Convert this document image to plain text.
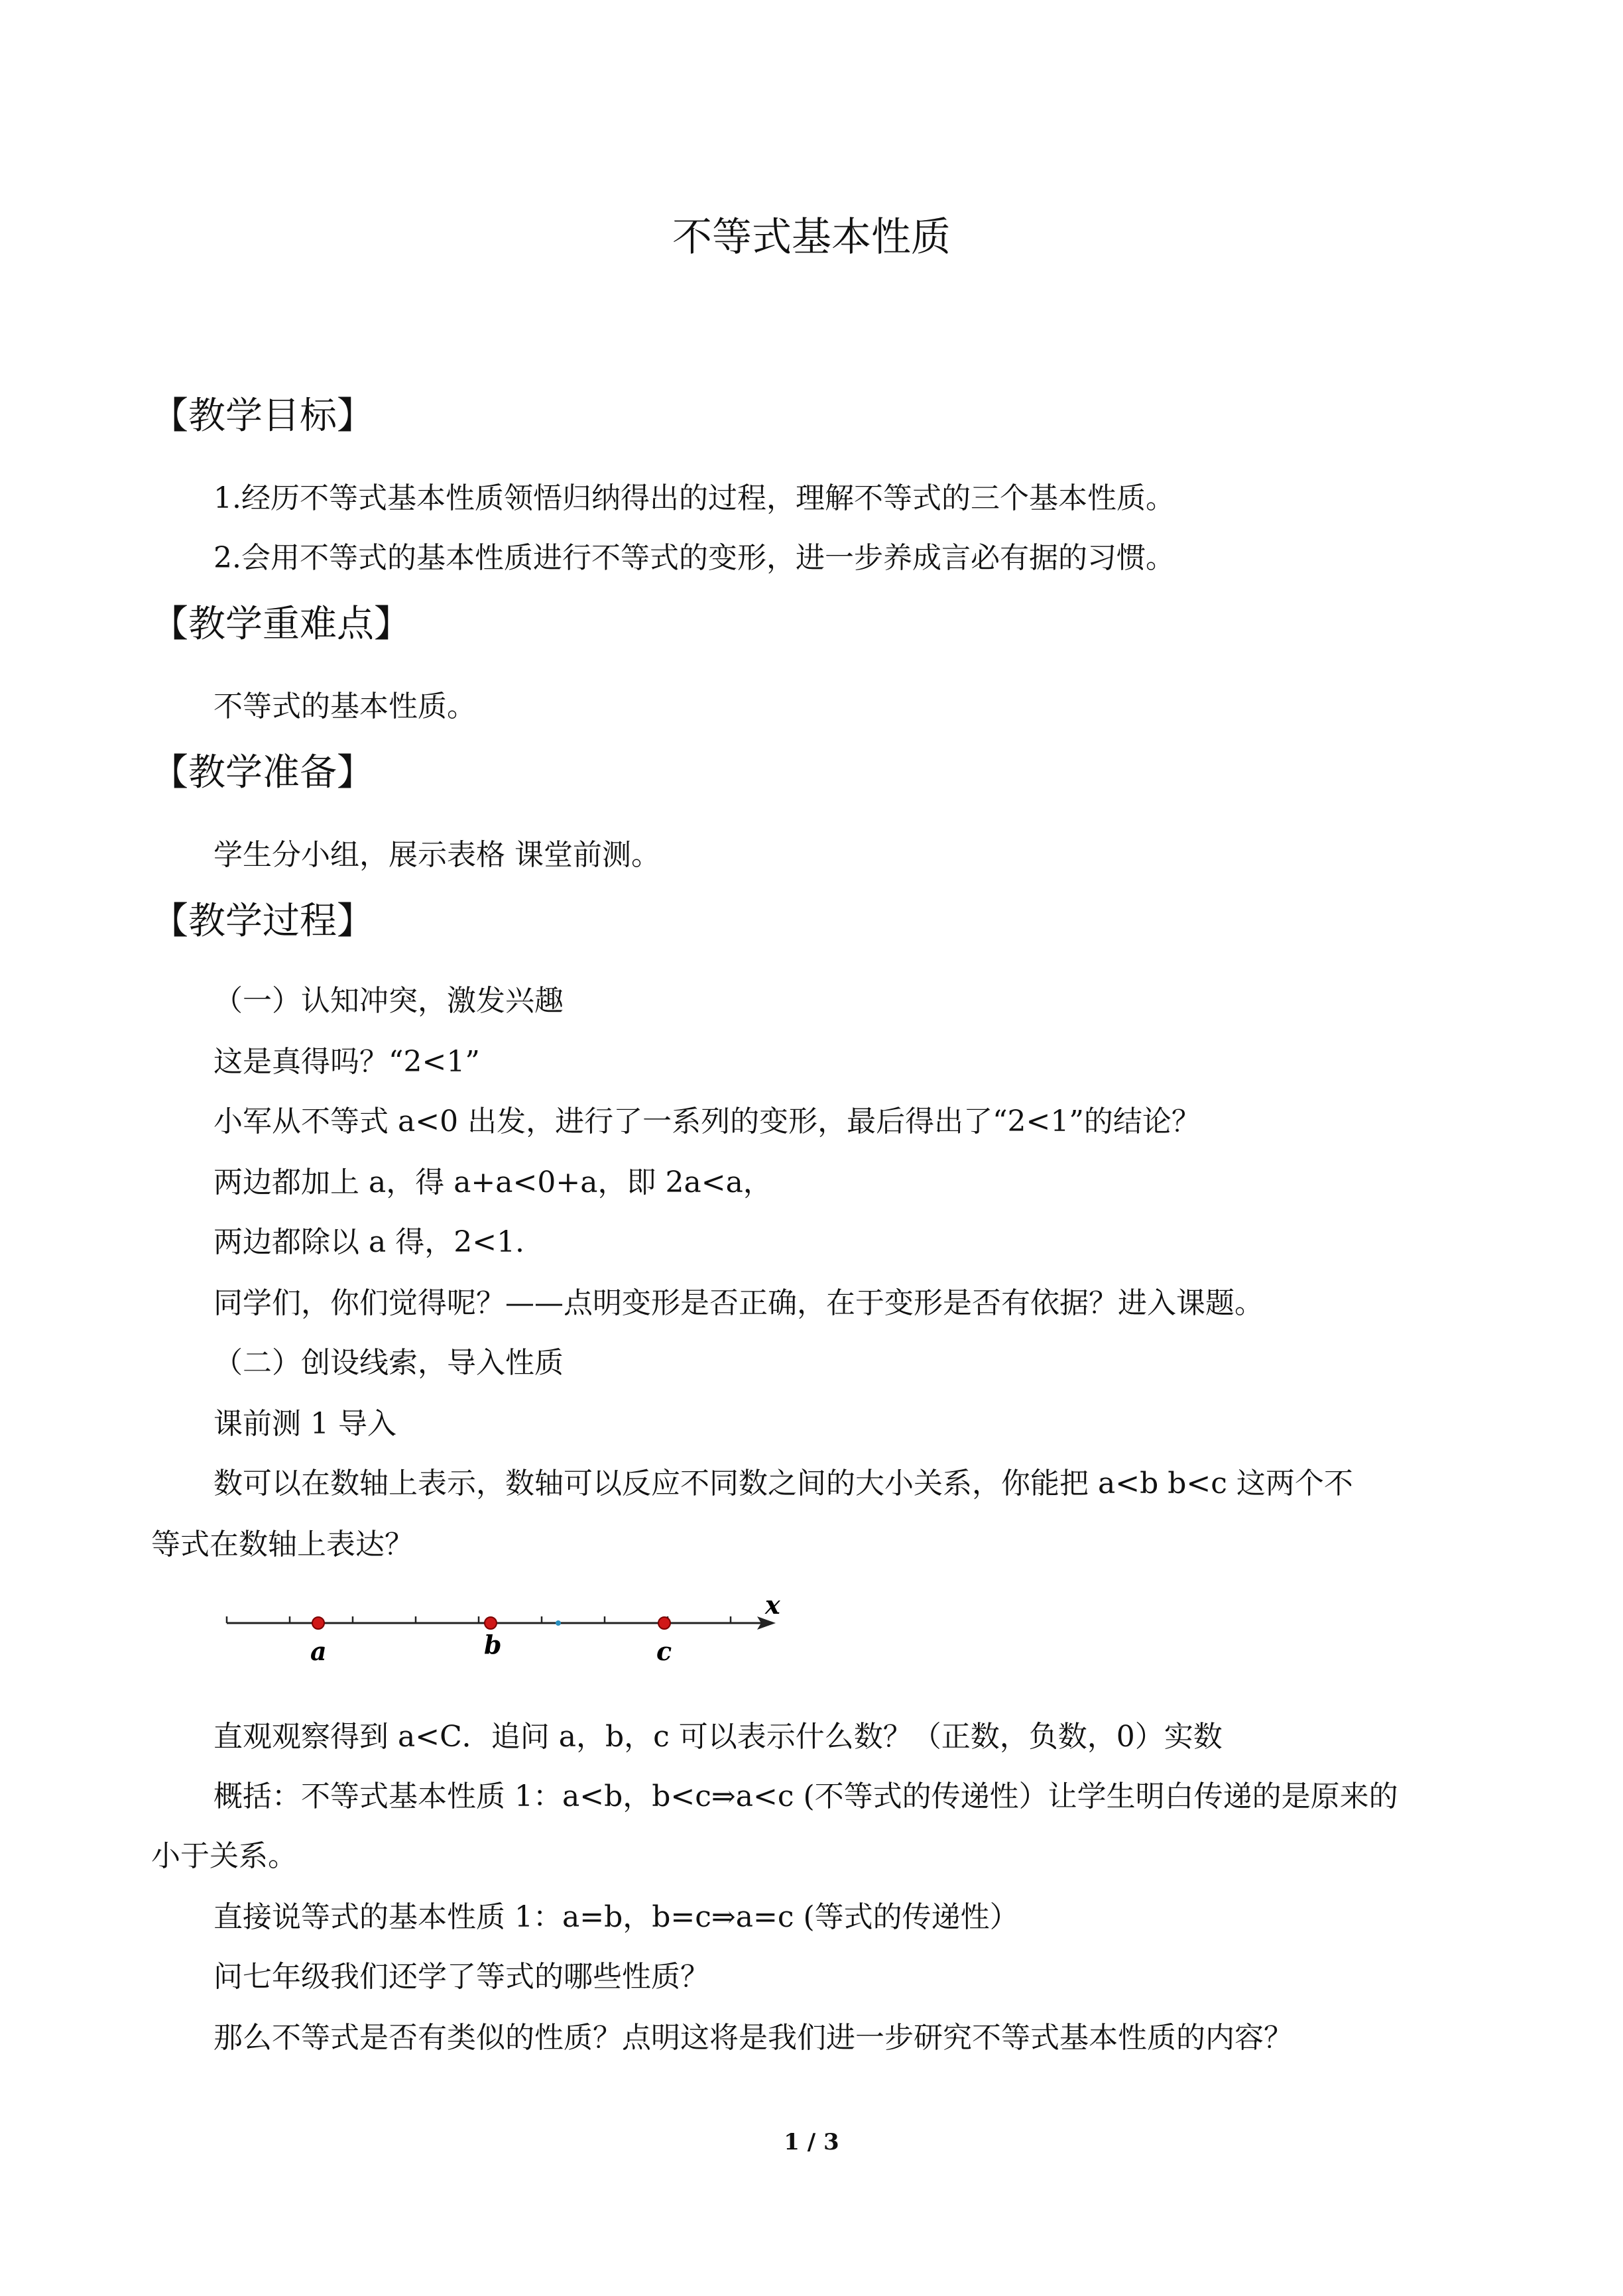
不等式基本性质
【教学目标】
1.经历不等式基本性质领悟归纳得出的过程，理解不等式的三个基本性质。
2.会用不等式的基本性质进行不等式的变形，进一步养成言必有据的习惯。
【教学重难点】
不等式的基本性质。
【教学准备】
学生分小组，展示表格 课堂前测。
【教学过程】
（一）认知冲突，激发兴趣
这是真得吗？“2<1”
小军从不等式 a<0 出发，进行了一系列的变形，最后得出了“2<1”的结论？
两边都加上 a，得 a+a<0+a，即 2a<a，
两边都除以 a 得，2<1.
同学们，你们觉得呢？——点明变形是否正确，在于变形是否有依据？进入课题。
（二）创设线索，导入性质
课前测 1 导入
数可以在数轴上表示，数轴可以反应不同数之间的大小关系，你能把 a<b b<c 这两个不
等式在数轴上表达？
a	b	c
x
直观观察得到 a<C．追问 a，b，c 可以表示什么数？（正数，负数，0）实数
概括：不等式基本性质 1：a<b，b<c⇒a<c (不等式的传递性）让学生明白传递的是原来的
小于关系。
直接说等式的基本性质 1：a=b，b=c⇒a=c (等式的传递性）
问七年级我们还学了等式的哪些性质？
那么不等式是否有类似的性质？点明这将是我们进一步研究不等式基本性质的内容？
1 / 3
